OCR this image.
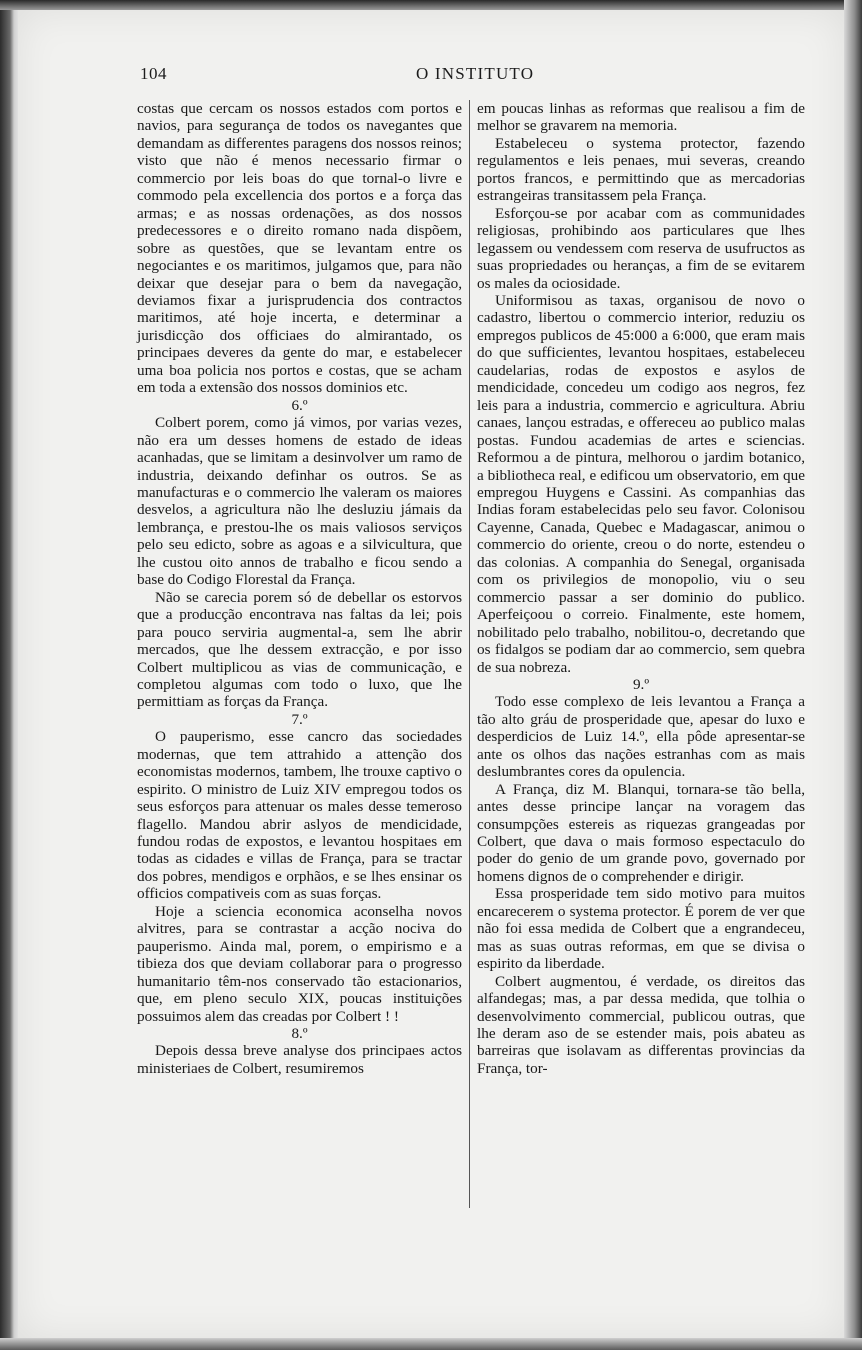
104	O INSTITUTO

costas que cercam os nossos estados com portos e navios, para segurança de todos os navegantes que demandam as differentes paragens dos nossos reinos; visto que não é menos necessario firmar o commercio por leis boas do que tornal-o livre e commodo pela excellencia dos portos e a força das armas; e as nossas ordenações, as dos nossos predecessores e o direito romano nada dispõem, sobre as questões, que se levantam entre os negociantes e os maritimos, julgamos que, para não deixar que desejar para o bem da navegação, deviamos fixar a jurisprudencia dos contractos maritimos, até hoje incerta, e determinar a jurisdicção dos officiaes do almirantado, os principaes deveres da gente do mar, e estabelecer uma boa policia nos portos e costas, que se acham em toda a extensão dos nossos dominios etc.

6.º

Colbert porem, como já vimos, por varias vezes, não era um desses homens de estado de ideas acanhadas, que se limitam a desinvolver um ramo de industria, deixando definhar os outros. Se as manufacturas e o commercio lhe valeram os maiores desvelos, a agricultura não lhe desluziu jámais da lembrança, e prestou-lhe os mais valiosos serviços pelo seu edicto, sobre as agoas e a silvicultura, que lhe custou oito annos de trabalho e ficou sendo a base do Codigo Florestal da França.

Não se carecia porem só de debellar os estorvos que a producção encontrava nas faltas da lei; pois para pouco serviria augmental-a, sem lhe abrir mercados, que lhe dessem extracção, e por isso Colbert multiplicou as vias de communicação, e completou algumas com todo o luxo, que lhe permittiam as forças da França.

7.º

O pauperismo, esse cancro das sociedades modernas, que tem attrahido a attenção dos economistas modernos, tambem, lhe trouxe captivo o espirito. O ministro de Luiz XIV empregou todos os seus esforços para attenuar os males desse temeroso flagello. Mandou abrir aslyos de mendicidade, fundou rodas de expostos, e levantou hospitaes em todas as cidades e villas de França, para se tractar dos pobres, mendigos e orphãos, e se lhes ensinar os officios compativeis com as suas forças.

Hoje a sciencia economica aconselha novos alvitres, para se contrastar a acção nociva do pauperismo. Ainda mal, porem, o empirismo e a tibieza dos que deviam collaborar para o progresso humanitario têm-nos conservado tão estacionarios, que, em pleno seculo XIX, poucas instituições possuimos alem das creadas por Colbert ! !

8.º

Depois dessa breve analyse dos principaes actos ministeriaes de Colbert, resumiremos

em poucas linhas as reformas que realisou a fim de melhor se gravarem na memoria.

Estabeleceu o systema protector, fazendo regulamentos e leis penaes, mui severas, creando portos francos, e permittindo que as mercadorias estrangeiras transitassem pela França.

Esforçou-se por acabar com as communidades religiosas, prohibindo aos particulares que lhes legassem ou vendessem com reserva de usufructos as suas propriedades ou heranças, a fim de se evitarem os males da ociosidade.

Uniformisou as taxas, organisou de novo o cadastro, libertou o commercio interior, reduziu os empregos publicos de 45:000 a 6:000, que eram mais do que sufficientes, levantou hospitaes, estabeleceu caudelarias, rodas de expostos e asylos de mendicidade, concedeu um codigo aos negros, fez leis para a industria, commercio e agricultura. Abriu canaes, lançou estradas, e offereceu ao publico malas postas. Fundou academias de artes e sciencias. Reformou a de pintura, melhorou o jardim botanico, a bibliotheca real, e edificou um observatorio, em que empregou Huygens e Cassini. As companhias das Indias foram estabelecidas pelo seu favor. Colonisou Cayenne, Canada, Quebec e Madagascar, animou o commercio do oriente, creou o do norte, estendeu o das colonias. A companhia do Senegal, organisada com os privilegios de monopolio, viu o seu commercio passar a ser dominio do publico. Aperfeiçoou o correio. Finalmente, este homem, nobilitado pelo trabalho, nobilitou-o, decretando que os fidalgos se podiam dar ao commercio, sem quebra de sua nobreza.

9.º

Todo esse complexo de leis levantou a França a tão alto gráu de prosperidade que, apesar do luxo e desperdicios de Luiz 14.º, ella pôde apresentar-se ante os olhos das nações estranhas com as mais deslumbrantes cores da opulencia.

A França, diz M. Blanqui, tornara-se tão bella, antes desse principe lançar na voragem das consumpções estereis as riquezas grangeadas por Colbert, que dava o mais formoso espectaculo do poder do genio de um grande povo, governado por homens dignos de o comprehender e dirigir.

Essa prosperidade tem sido motivo para muitos encarecerem o systema protector. É porem de ver que não foi essa medida de Colbert que a engrandeceu, mas as suas outras reformas, em que se divisa o espirito da liberdade.

Colbert augmentou, é verdade, os direitos das alfandegas; mas, a par dessa medida, que tolhia o desenvolvimento commercial, publicou outras, que lhe deram aso de se estender mais, pois abateu as barreiras que isolavam as differentas provincias da França, tor-
